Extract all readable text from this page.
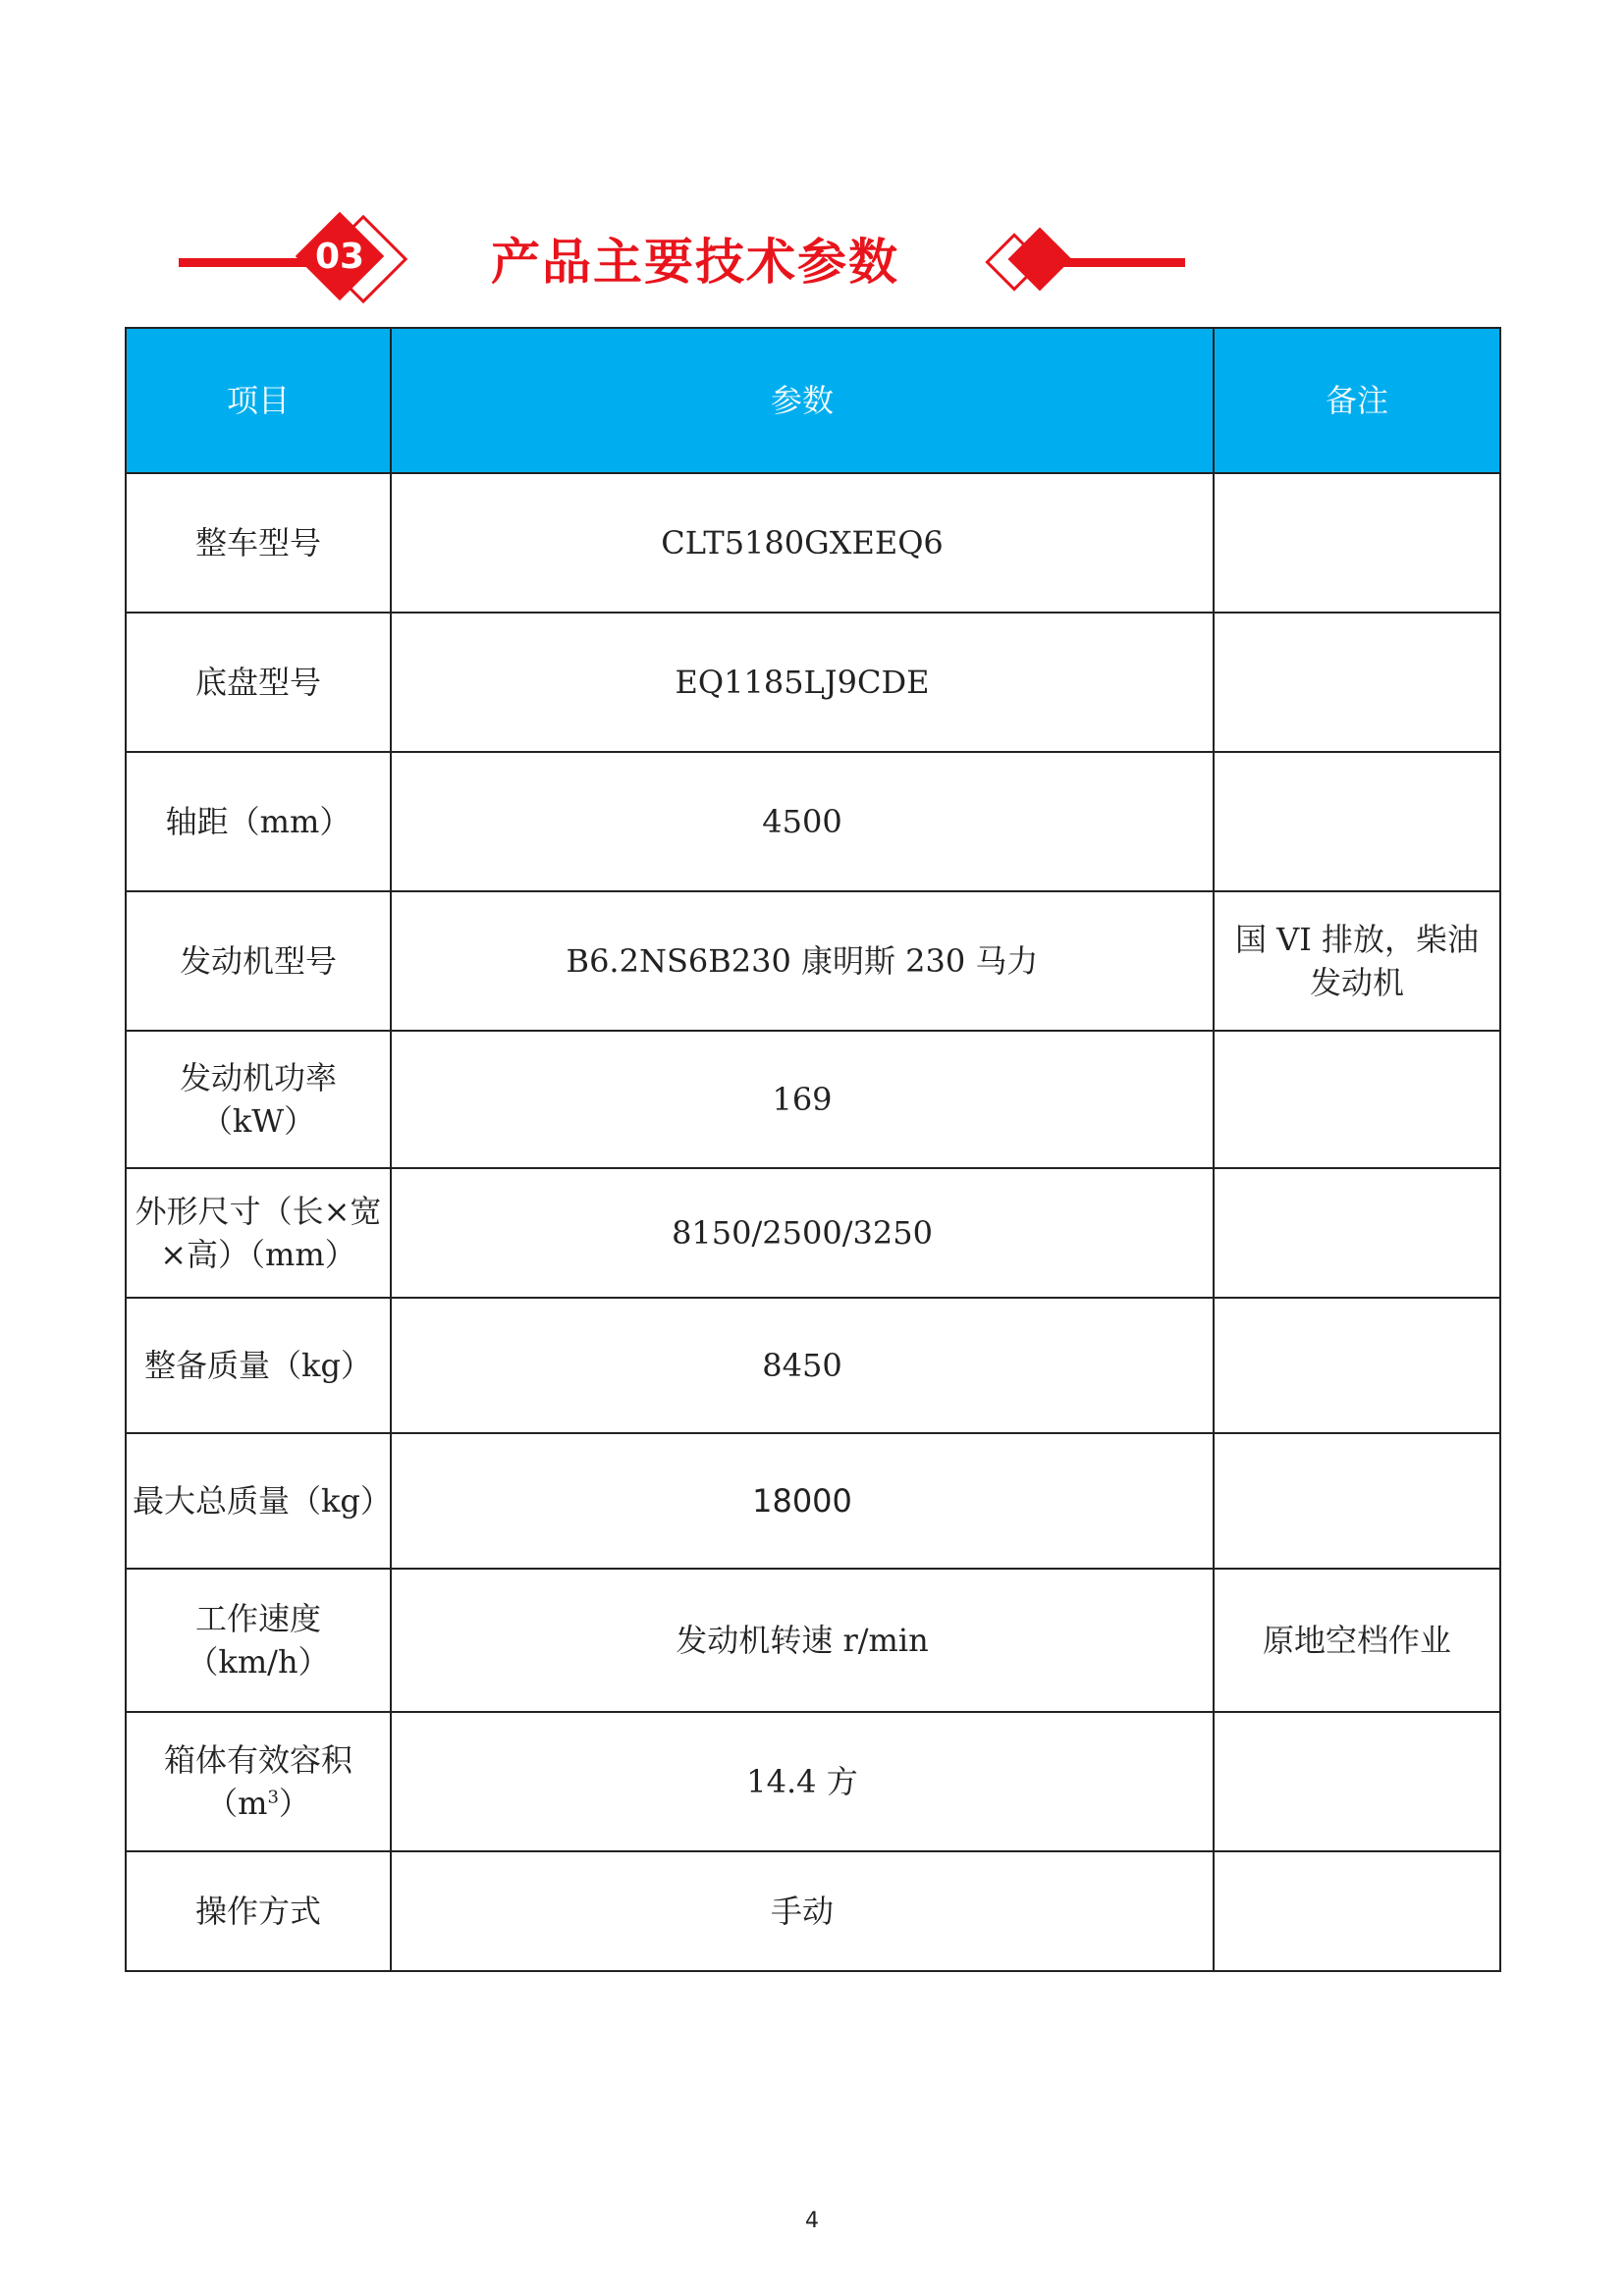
03	产品主要技术参数
项目	参数	备注
整车型号	CLT5180GXEEQ6	
底盘型号	EQ1185LJ9CDE	
轴距（mm）	4500	
发动机型号	B6.2NS6B230 康明斯 230 马力	国 VI 排放，柴油发动机
发动机功率（kW）	169	
外形尺寸（长×宽×高）（mm）	8150/2500/3250	
整备质量（kg）	8450	
最大总质量（kg）	18000	
工作速度（km/h）	发动机转速 r/min	原地空档作业
箱体有效容积$(m^3)$	14.4 方	
操作方式	手动	
4
